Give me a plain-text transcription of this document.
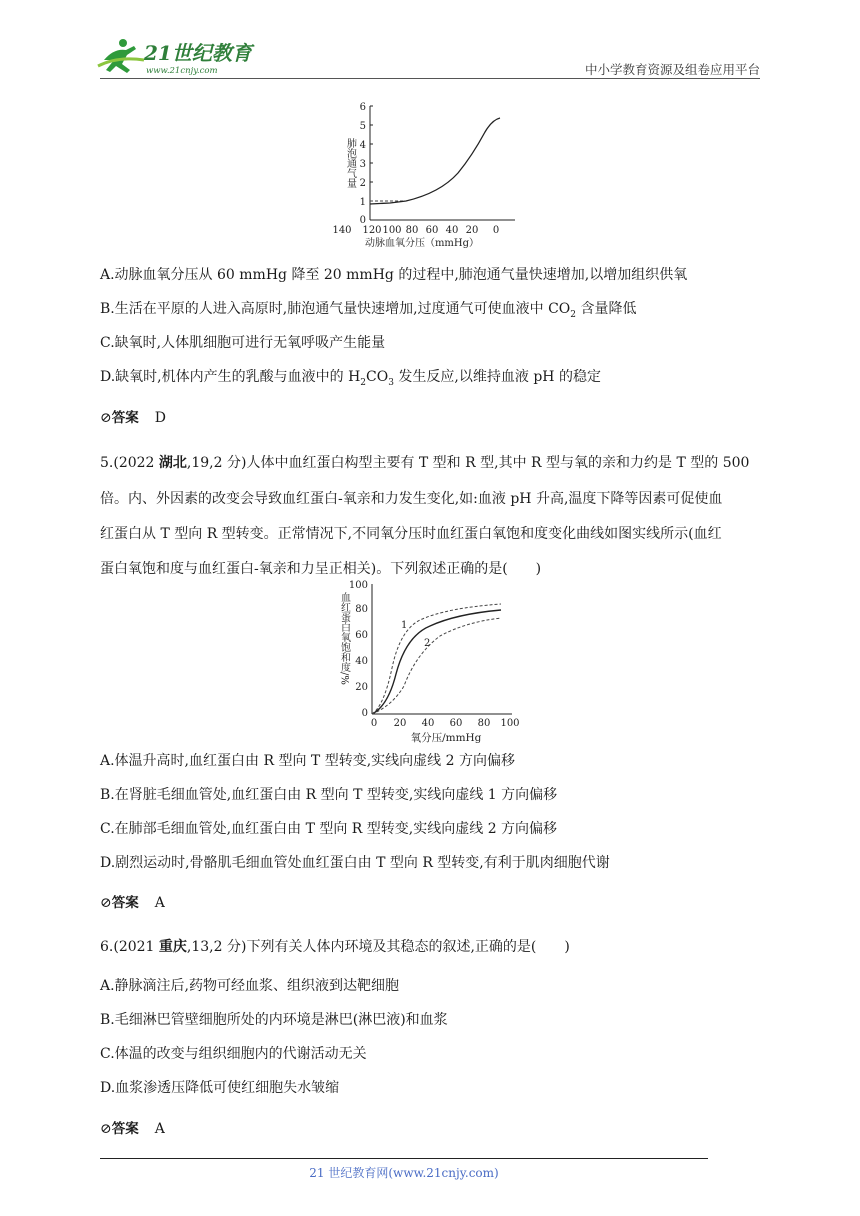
21世纪教育
www.21cnjy.com	中小学教育资源及组卷应用平台
0
1
2
3
4
5
6
140 120 100 80 60 40 20 0
动脉血氧分压（mmHg）
肺泡通气量
A.动脉血氧分压从 60 mmHg 降至 20 mmHg 的过程中,肺泡通气量快速增加,以增加组织供氧
B.生活在平原的人进入高原时,肺泡通气量快速增加,过度通气可使血液中 $CO_2$ 含量降低
C.缺氧时,人体肌细胞可进行无氧呼吸产生能量
D.缺氧时,机体内产生的乳酸与血液中的 $H_2CO_3$ 发生反应,以维持血液 pH 的稳定
⊘答案 D
5.(2022 湖北,19,2 分)人体中血红蛋白构型主要有 T 型和 R 型,其中 R 型与氧的亲和力约是 T 型的 500
倍。内、外因素的改变会导致血红蛋白-氧亲和力发生变化,如:血液 pH 升高,温度下降等因素可促使血
红蛋白从 T 型向 R 型转变。正常情况下,不同氧分压时血红蛋白氧饱和度变化曲线如图实线所示(血红
蛋白氧饱和度与血红蛋白-氧亲和力呈正相关)。下列叙述正确的是(　　)
0
20
40
60
80
100
1
2
0 20 40 60 80 100
氧分压/mmHg
血红蛋白氧饱和度/%
A.体温升高时,血红蛋白由 R 型向 T 型转变,实线向虚线 2 方向偏移
B.在肾脏毛细血管处,血红蛋白由 R 型向 T 型转变,实线向虚线 1 方向偏移
C.在肺部毛细血管处,血红蛋白由 T 型向 R 型转变,实线向虚线 2 方向偏移
D.剧烈运动时,骨骼肌毛细血管处血红蛋白由 T 型向 R 型转变,有利于肌肉细胞代谢
⊘答案 A
6.(2021 重庆,13,2 分)下列有关人体内环境及其稳态的叙述,正确的是(　　)
A.静脉滴注后,药物可经血浆、组织液到达靶细胞
B.毛细淋巴管壁细胞所处的内环境是淋巴(淋巴液)和血浆
C.体温的改变与组织细胞内的代谢活动无关
D.血浆渗透压降低可使红细胞失水皱缩
⊘答案 A
21 世纪教育网(www.21cnjy.com)
